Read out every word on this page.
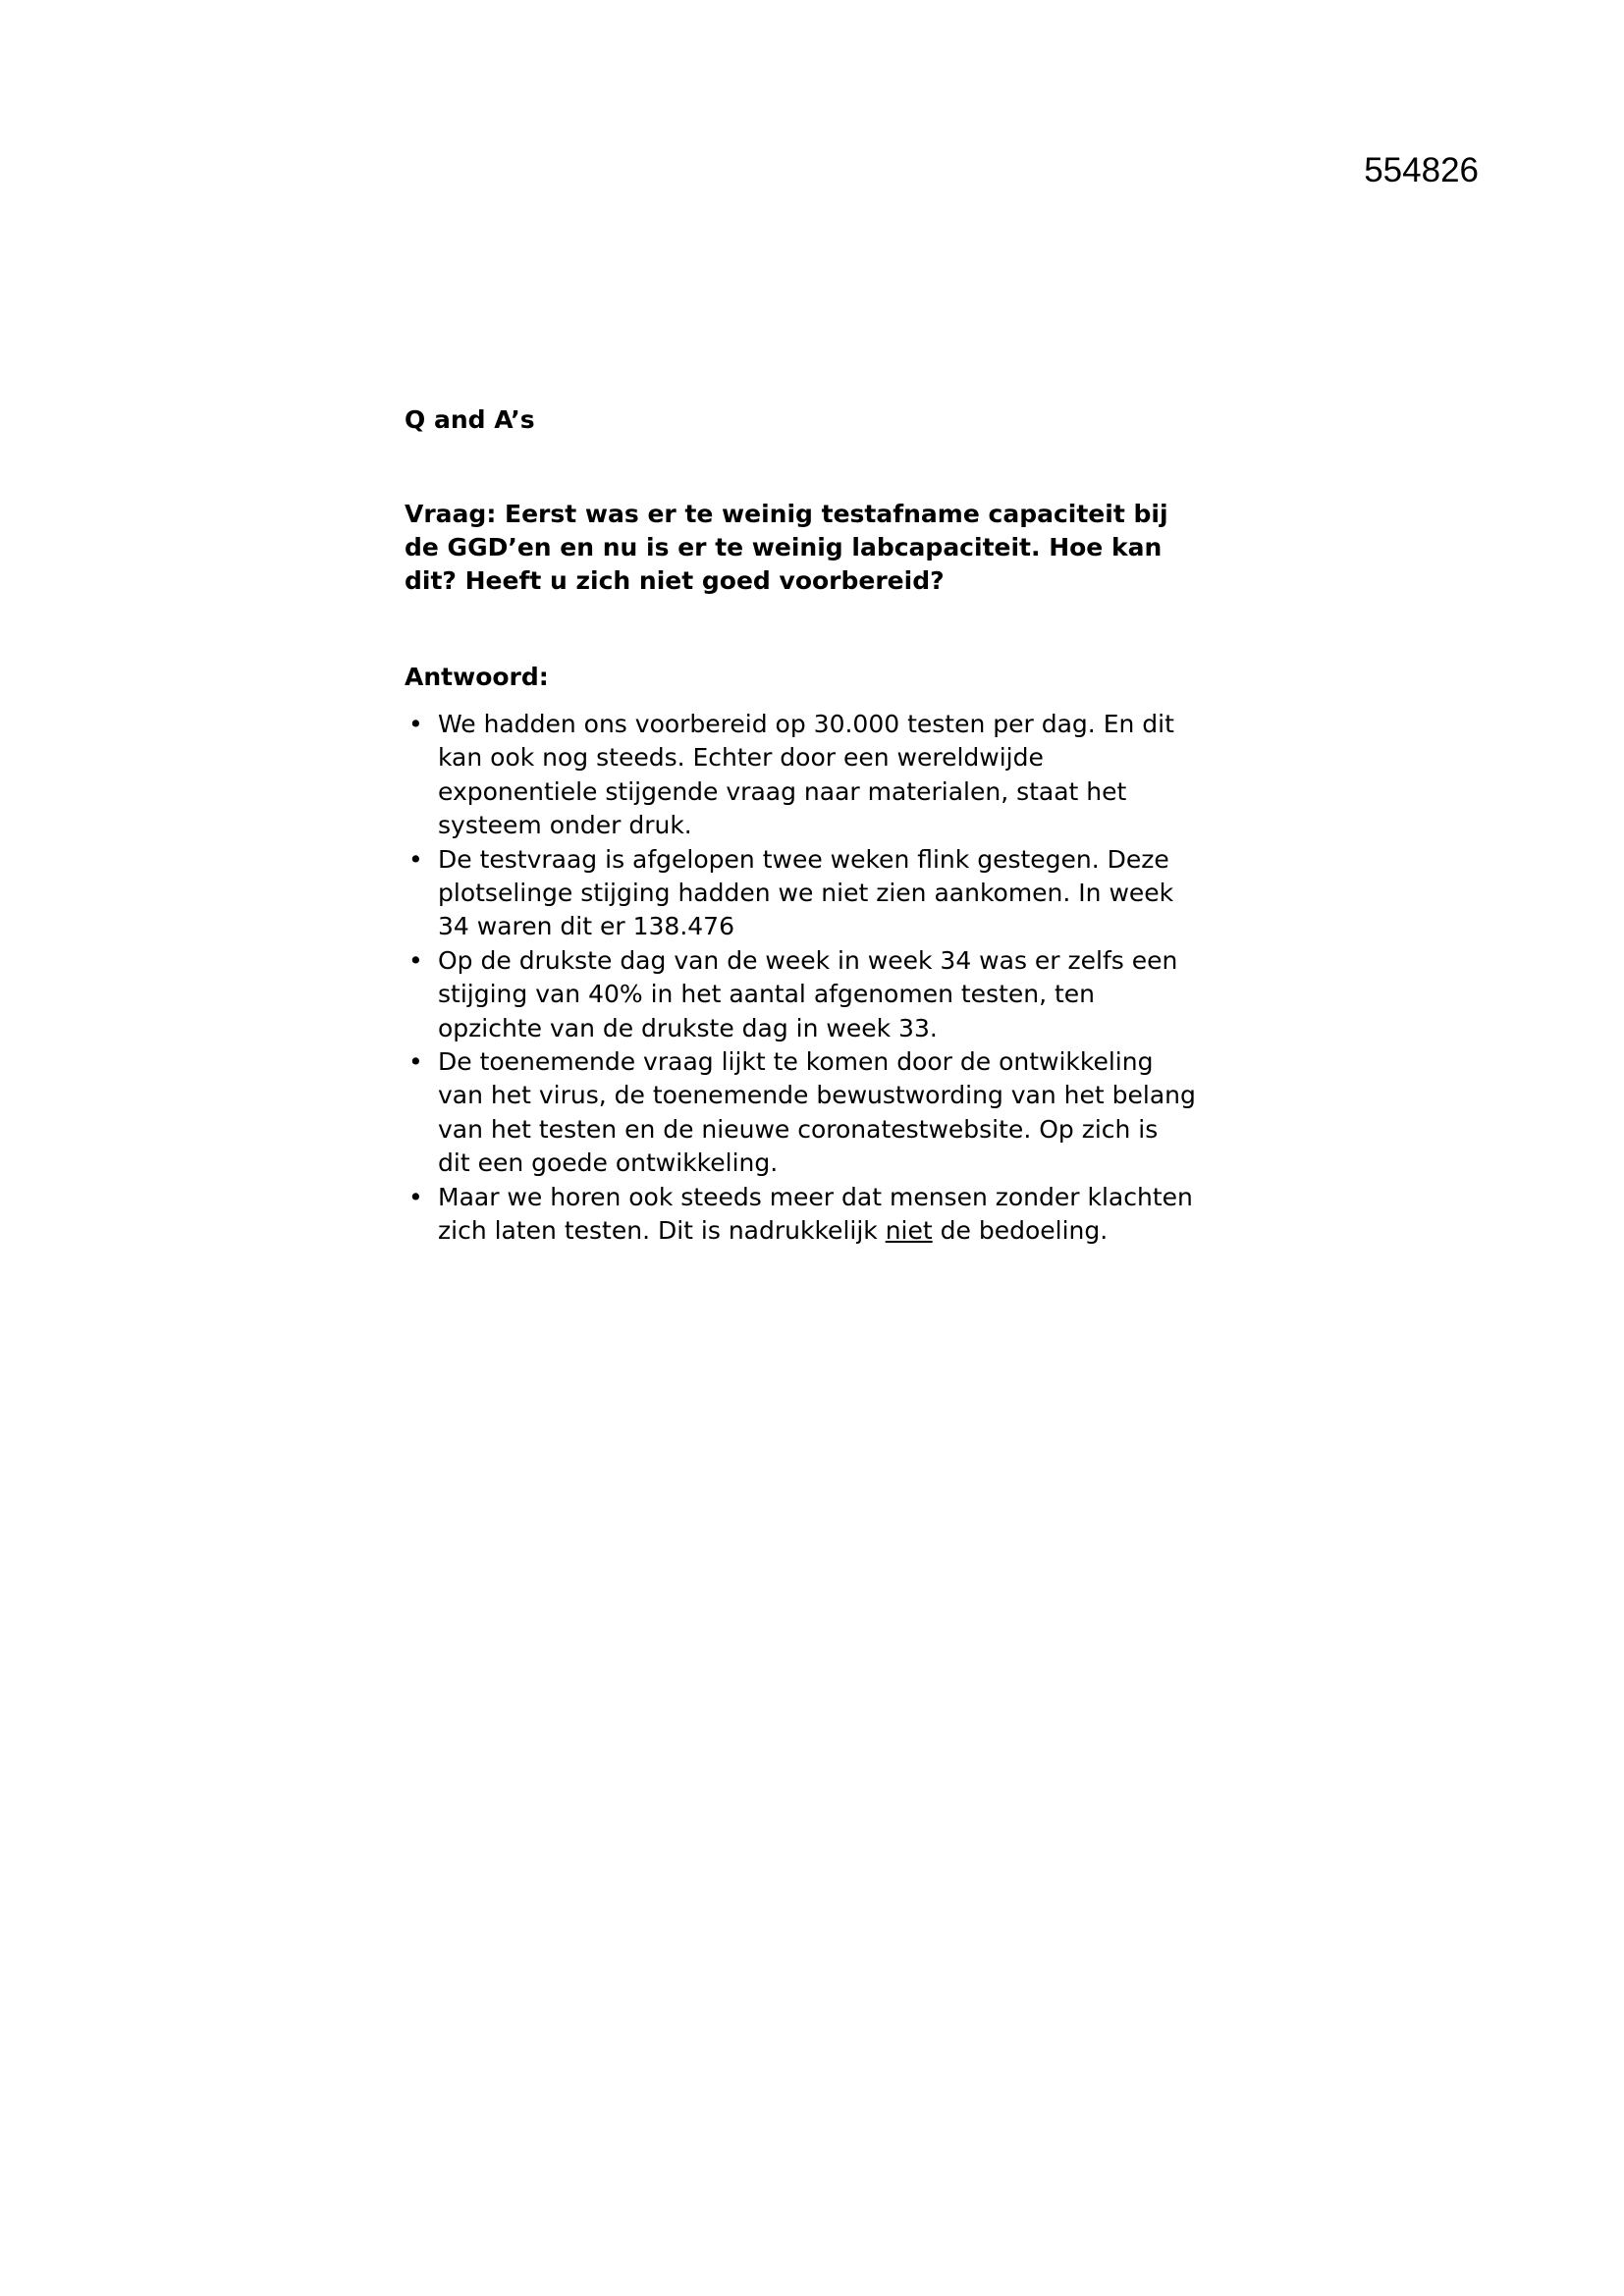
554826

Q and A’s

Vraag: Eerst was er te weinig testafname capaciteit bij
de GGD’en en nu is er te weinig labcapaciteit. Hoe kan
dit? Heeft u zich niet goed voorbereid?
Antwoord:
• We hadden ons voorbereid op 30.000 testen per dag. En dit
kan ook nog steeds. Echter door een wereldwijde
exponentiele stijgende vraag naar materialen, staat het
systeem onder druk.
• De testvraag is afgelopen twee weken flink gestegen. Deze
plotselinge stijging hadden we niet zien aankomen. In week
34 waren dit er 138.476
• Op de drukste dag van de week in week 34 was er zelfs een
stijging van 40% in het aantal afgenomen testen, ten
opzichte van de drukste dag in week 33.
• De toenemende vraag lijkt te komen door de ontwikkeling
van het virus, de toenemende bewustwording van het belang
van het testen en de nieuwe coronatestwebsite. Op zich is
dit een goede ontwikkeling.
• Maar we horen ook steeds meer dat mensen zonder klachten
zich laten testen. Dit is nadrukkelijk niet de bedoeling.
